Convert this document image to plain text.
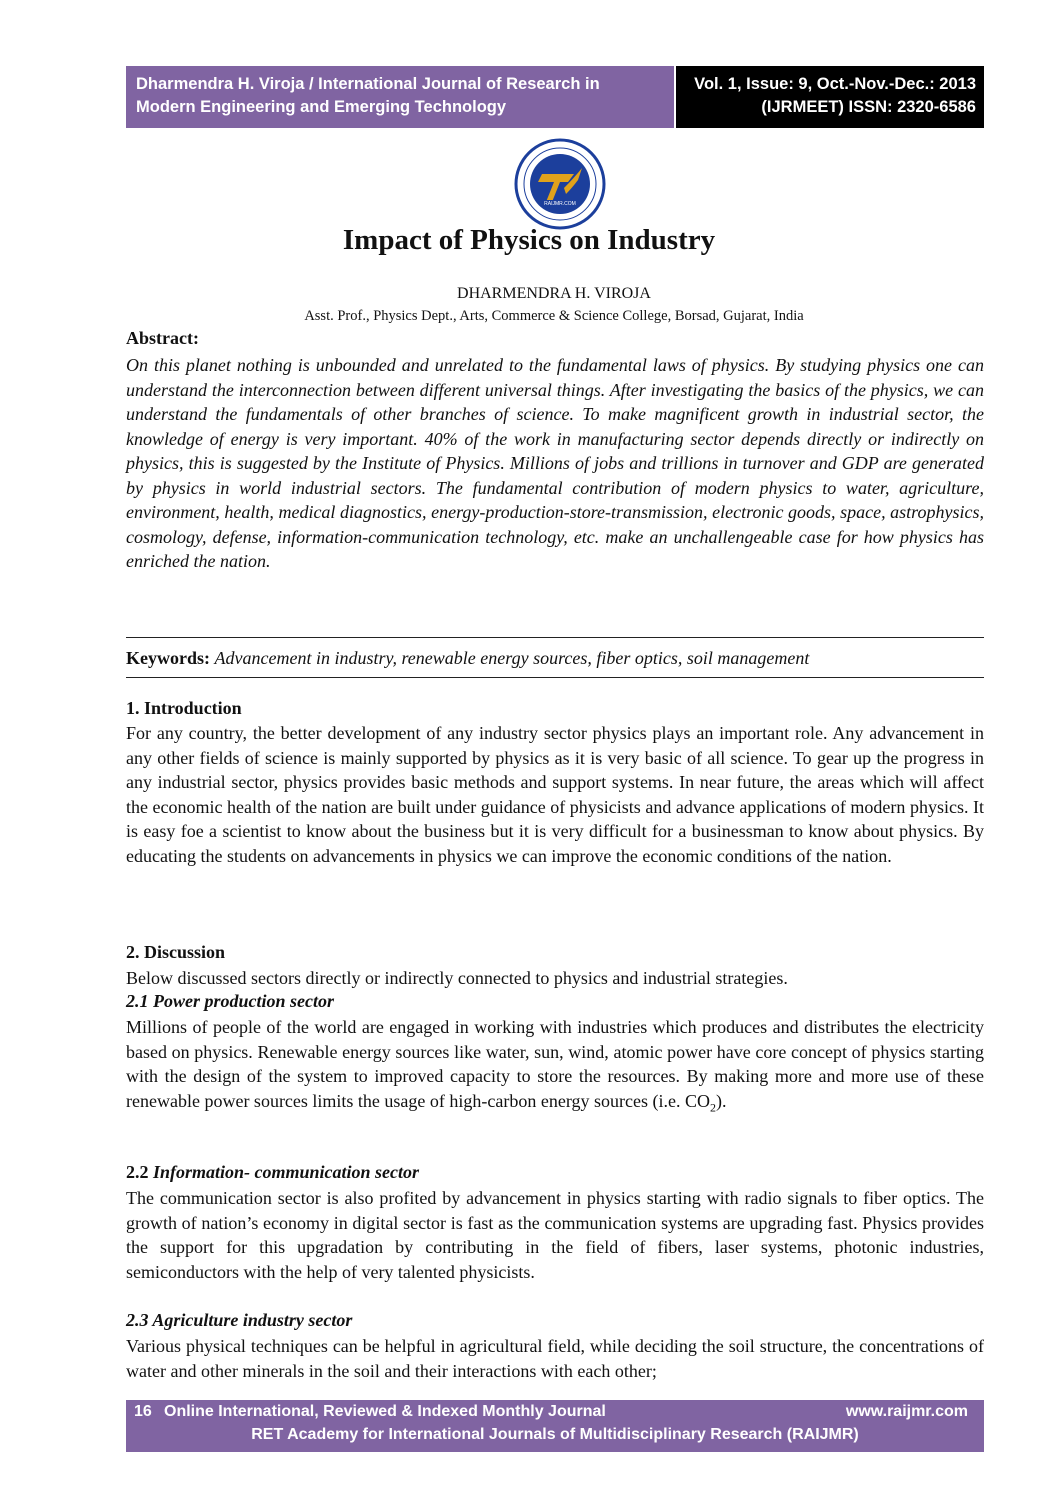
Dharmendra H. Viroja / International Journal of Research in
Modern Engineering and Emerging Technology
Vol. 1, Issue: 9, Oct.-Nov.-Dec.: 2013
(IJRMEET) ISSN: 2320-6586
RAIJMR.COM
Impact of Physics on Industry
DHARMENDRA H. VIROJA
Asst. Prof., Physics Dept., Arts, Commerce & Science College, Borsad, Gujarat, India
Abstract:
On this planet nothing is unbounded and unrelated to the fundamental laws of physics. By studying physics one can understand the interconnection between different universal things. After investigating the basics of the physics, we can understand the fundamentals of other branches of science. To make magnificent growth in industrial sector, the knowledge of energy is very important. 40% of the work in manufacturing sector depends directly or indirectly on physics, this is suggested by the Institute of Physics. Millions of jobs and trillions in turnover and GDP are generated by physics in world industrial sectors. The fundamental contribution of modern physics to water, agriculture, environment, health, medical diagnostics, energy-production-store-transmission, electronic goods, space, astrophysics, cosmology, defense, information-communication technology, etc. make an unchallengeable case for how physics has enriched the nation.
Keywords: Advancement in industry, renewable energy sources, fiber optics, soil management
1. Introduction
For any country, the better development of any industry sector physics plays an important role. Any advancement in any other fields of science is mainly supported by physics as it is very basic of all science. To gear up the progress in any industrial sector, physics provides basic methods and support systems. In near future, the areas which will affect the economic health of the nation are built under guidance of physicists and advance applications of modern physics. It is easy foe a scientist to know about the business but it is very difficult for a businessman to know about physics. By educating the students on advancements in physics we can improve the economic conditions of the nation.
2. Discussion
Below discussed sectors directly or indirectly connected to physics and industrial strategies.
2.1 Power production sector
Millions of people of the world are engaged in working with industries which produces and distributes the electricity based on physics. Renewable energy sources like water, sun, wind, atomic power have core concept of physics starting with the design of the system to improved capacity to store the resources. By making more and more use of these renewable power sources limits the usage of high-carbon energy sources (i.e. $CO_2$).
2.2 Information- communication sector
The communication sector is also profited by advancement in physics starting with radio signals to fiber optics. The growth of nation’s economy in digital sector is fast as the communication systems are upgrading fast. Physics provides the support for this upgradation by contributing in the field of fibers, laser systems, photonic industries, semiconductors with the help of very talented physicists.
2.3 Agriculture industry sector
Various physical techniques can be helpful in agricultural field, while deciding the soil structure, the concentrations of water and other minerals in the soil and their interactions with each other;
16 Online International, Reviewed & Indexed Monthly Journal	www.raijmr.com
RET Academy for International Journals of Multidisciplinary Research (RAIJMR)
